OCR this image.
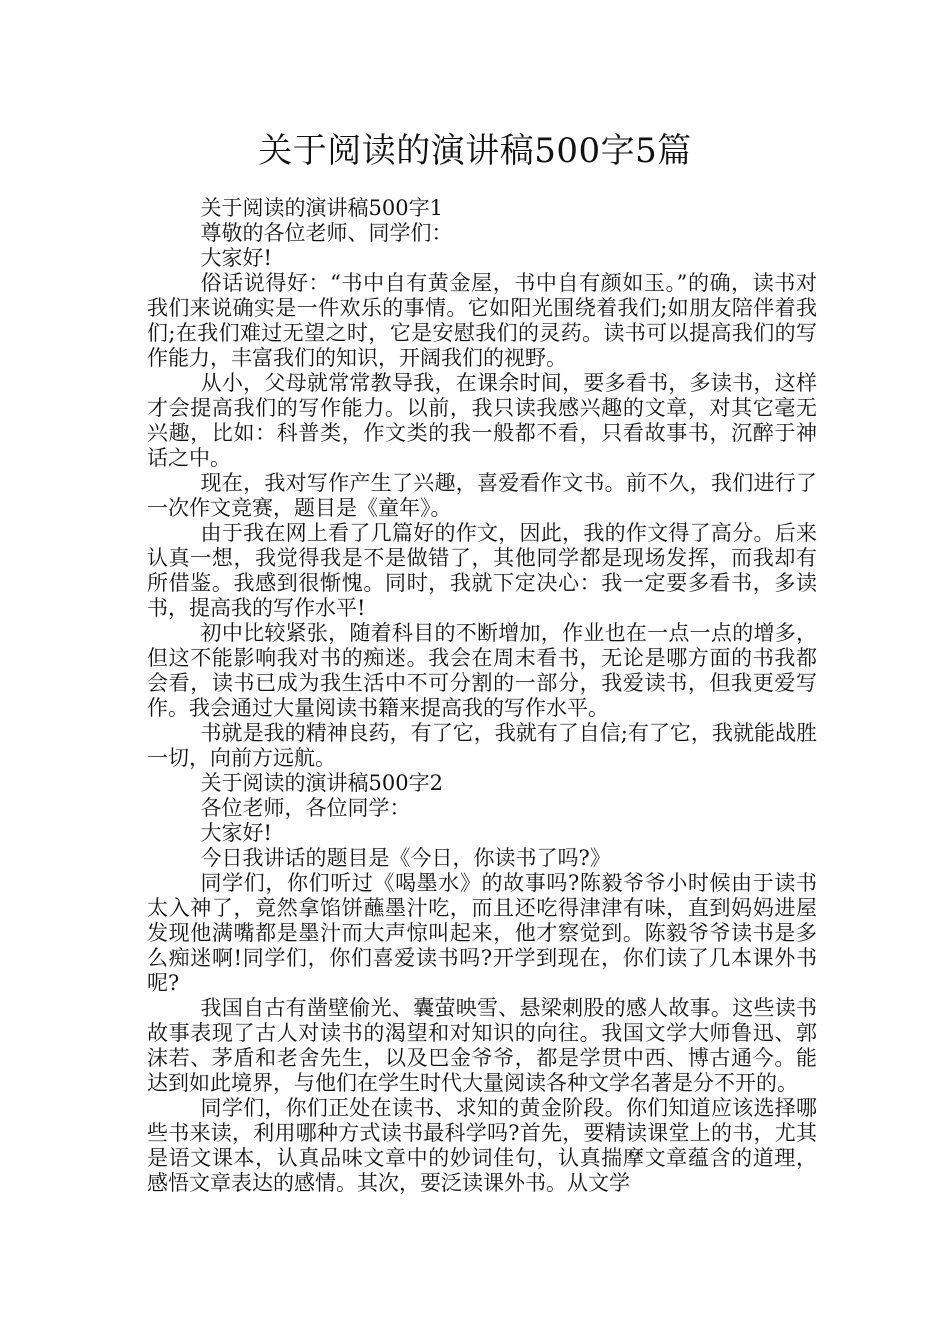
关于阅读的演讲稿500字5篇

关于阅读的演讲稿500字1

尊敬的各位老师、同学们：

大家好!

俗话说得好：“书中自有黄金屋，书中自有颜如玉。”的确，读书对我们来说确实是一件欢乐的事情。它如阳光围绕着我们;如朋友陪伴着我们;在我们难过无望之时，它是安慰我们的灵药。读书可以提高我们的写作能力，丰富我们的知识，开阔我们的视野。

从小，父母就常常教导我，在课余时间，要多看书，多读书，这样才会提高我们的写作能力。以前，我只读我感兴趣的文章，对其它毫无兴趣，比如：科普类，作文类的我一般都不看，只看故事书，沉醉于神话之中。

现在，我对写作产生了兴趣，喜爱看作文书。前不久，我们进行了一次作文竞赛，题目是《童年》。

由于我在网上看了几篇好的作文，因此，我的作文得了高分。后来认真一想，我觉得我是不是做错了，其他同学都是现场发挥，而我却有所借鉴。我感到很惭愧。同时，我就下定决心：我一定要多看书，多读书，提高我的写作水平!

初中比较紧张，随着科目的不断增加，作业也在一点一点的增多，但这不能影响我对书的痴迷。我会在周末看书，无论是哪方面的书我都会看，读书已成为我生活中不可分割的一部分，我爱读书，但我更爱写作。我会通过大量阅读书籍来提高我的写作水平。

书就是我的精神良药，有了它，我就有了自信;有了它，我就能战胜一切，向前方远航。

关于阅读的演讲稿500字2

各位老师，各位同学：

大家好!

今日我讲话的题目是《今日，你读书了吗?》

同学们，你们听过《喝墨水》的故事吗?陈毅爷爷小时候由于读书太入神了，竟然拿馅饼蘸墨汁吃，而且还吃得津津有味，直到妈妈进屋发现他满嘴都是墨汁而大声惊叫起来，他才察觉到。陈毅爷爷读书是多么痴迷啊!同学们，你们喜爱读书吗?开学到现在，你们读了几本课外书呢?

我国自古有凿壁偷光、囊萤映雪、悬梁刺股的感人故事。这些读书故事表现了古人对读书的渴望和对知识的向往。我国文学大师鲁迅、郭沫若、茅盾和老舍先生，以及巴金爷爷，都是学贯中西、博古通今。能达到如此境界，与他们在学生时代大量阅读各种文学名著是分不开的。

同学们，你们正处在读书、求知的黄金阶段。你们知道应该选择哪些书来读，利用哪种方式读书最科学吗?首先，要精读课堂上的书，尤其是语文课本，认真品味文章中的妙词佳句，认真揣摩文章蕴含的道理，感悟文章表达的感情。其次，要泛读课外书。从文学
